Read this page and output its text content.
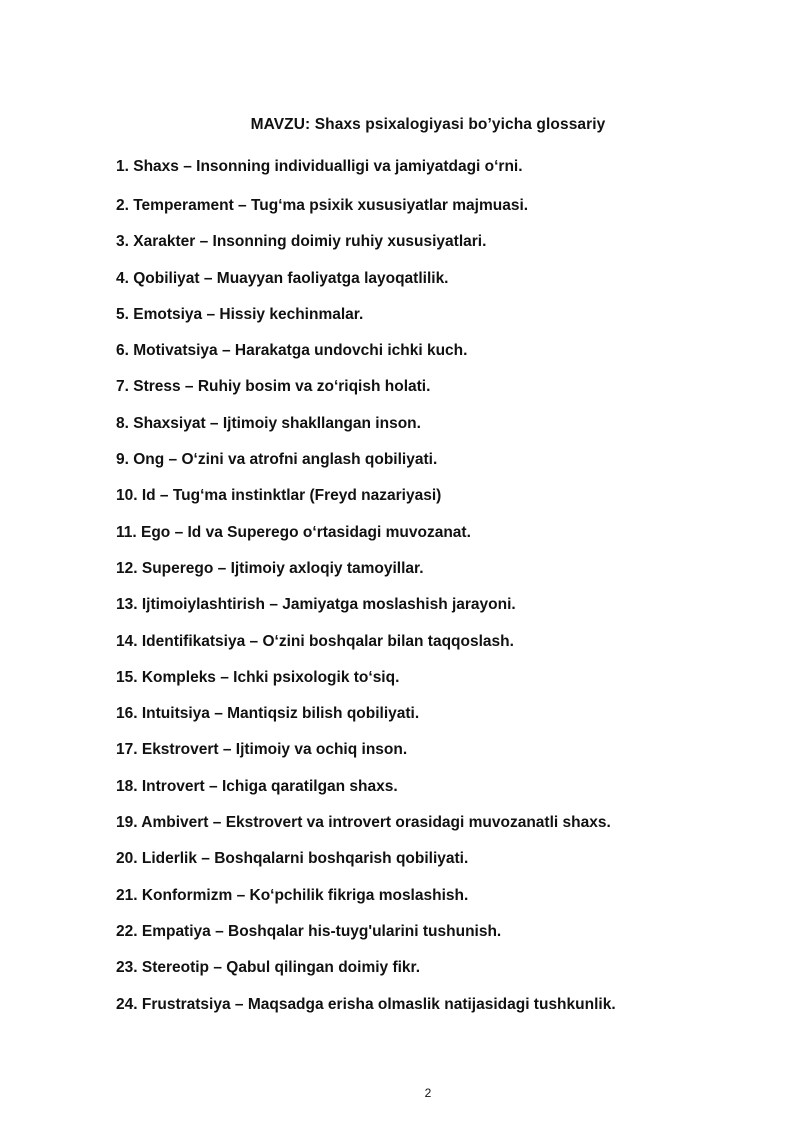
MAVZU: Shaxs psixalogiyasi bo’yicha glossariy
1. Shaxs – Insonning individualligi va jamiyatdagi oʻrni.
2. Temperament – Tugʻma psixik xususiyatlar majmuasi.
3. Xarakter – Insonning doimiy ruhiy xususiyatlari.
4. Qobiliyat – Muayyan faoliyatga layoqatlilik.
5. Emotsiya – Hissiy kechinmalar.
6. Motivatsiya – Harakatga undovchi ichki kuch.
7. Stress – Ruhiy bosim va zoʻriqish holati.
8. Shaxsiyat – Ijtimoiy shakllangan inson.
9. Ong – Oʻzini va atrofni anglash qobiliyati.
10. Id – Tugʻma instinktlar (Freyd nazariyasi)
11. Ego – Id va Superego oʻrtasidagi muvozanat.
12. Superego – Ijtimoiy axloqiy tamoyillar.
13. Ijtimoiylashtirish – Jamiyatga moslashish jarayoni.
14. Identifikatsiya – Oʻzini boshqalar bilan taqqoslash.
15. Kompleks – Ichki psixologik toʻsiq.
16. Intuitsiya – Mantiqsiz bilish qobiliyati.
17. Ekstrovert – Ijtimoiy va ochiq inson.
18. Introvert – Ichiga qaratilgan shaxs.
19. Ambivert – Ekstrovert va introvert orasidagi muvozanatli shaxs.
20. Liderlik – Boshqalarni boshqarish qobiliyati.
21. Konformizm – Koʻpchilik fikriga moslashish.
22. Empatiya – Boshqalar his-tuyg'ularini tushunish.
23. Stereotip – Qabul qilingan doimiy fikr.
24. Frustratsiya – Maqsadga erisha olmaslik natijasidagi tushkunlik.
2
